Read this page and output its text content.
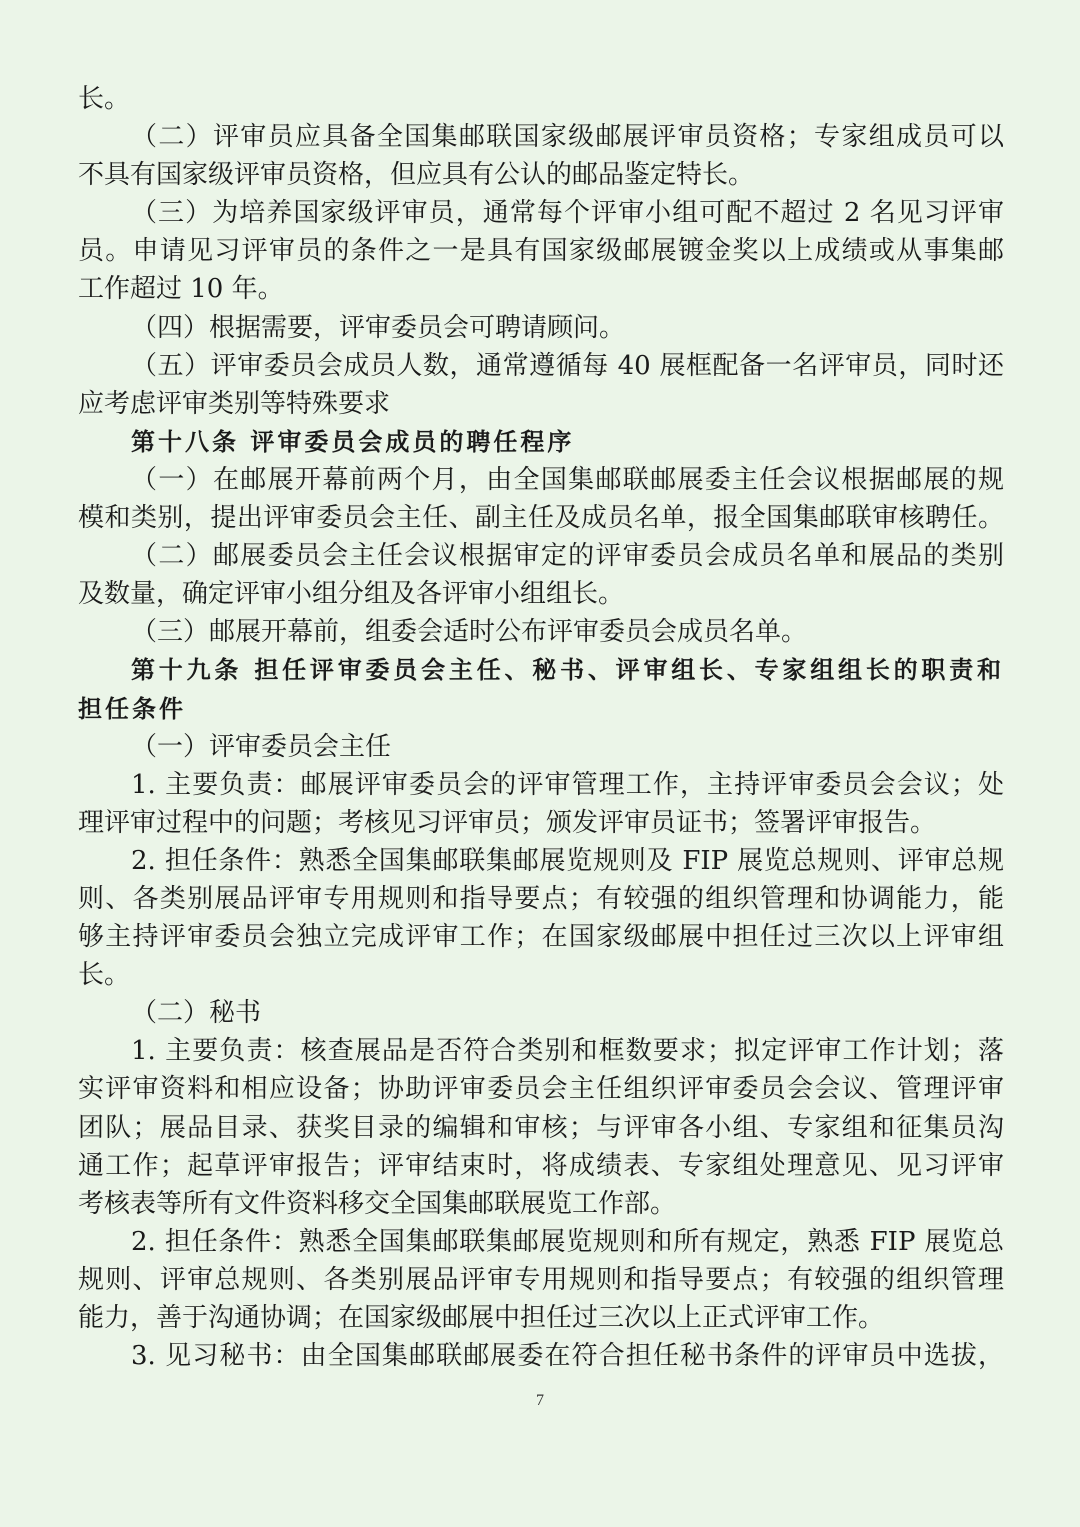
长。
（二）评审员应具备全国集邮联国家级邮展评审员资格；专家组成员可以
不具有国家级评审员资格，但应具有公认的邮品鉴定特长。
（三）为培养国家级评审员，通常每个评审小组可配不超过 2 名见习评审
员。申请见习评审员的条件之一是具有国家级邮展镀金奖以上成绩或从事集邮
工作超过 10 年。
（四）根据需要，评审委员会可聘请顾问。
（五）评审委员会成员人数，通常遵循每 40 展框配备一名评审员，同时还
应考虑评审类别等特殊要求
第十八条 评审委员会成员的聘任程序
（一）在邮展开幕前两个月，由全国集邮联邮展委主任会议根据邮展的规
模和类别，提出评审委员会主任、副主任及成员名单，报全国集邮联审核聘任。
（二）邮展委员会主任会议根据审定的评审委员会成员名单和展品的类别
及数量，确定评审小组分组及各评审小组组长。
（三）邮展开幕前，组委会适时公布评审委员会成员名单。
第十九条 担任评审委员会主任、秘书、评审组长、专家组组长的职责和
担任条件
（一）评审委员会主任
1. 主要负责：邮展评审委员会的评审管理工作，主持评审委员会会议；处
理评审过程中的问题；考核见习评审员；颁发评审员证书；签署评审报告。
2. 担任条件：熟悉全国集邮联集邮展览规则及 FIP 展览总规则、评审总规
则、各类别展品评审专用规则和指导要点；有较强的组织管理和协调能力，能
够主持评审委员会独立完成评审工作；在国家级邮展中担任过三次以上评审组
长。
（二）秘书
1. 主要负责：核查展品是否符合类别和框数要求；拟定评审工作计划；落
实评审资料和相应设备；协助评审委员会主任组织评审委员会会议、管理评审
团队；展品目录、获奖目录的编辑和审核；与评审各小组、专家组和征集员沟
通工作；起草评审报告；评审结束时，将成绩表、专家组处理意见、见习评审
考核表等所有文件资料移交全国集邮联展览工作部。
2. 担任条件：熟悉全国集邮联集邮展览规则和所有规定，熟悉 FIP 展览总
规则、评审总规则、各类别展品评审专用规则和指导要点；有较强的组织管理
能力，善于沟通协调；在国家级邮展中担任过三次以上正式评审工作。
3. 见习秘书：由全国集邮联邮展委在符合担任秘书条件的评审员中选拔，
7
